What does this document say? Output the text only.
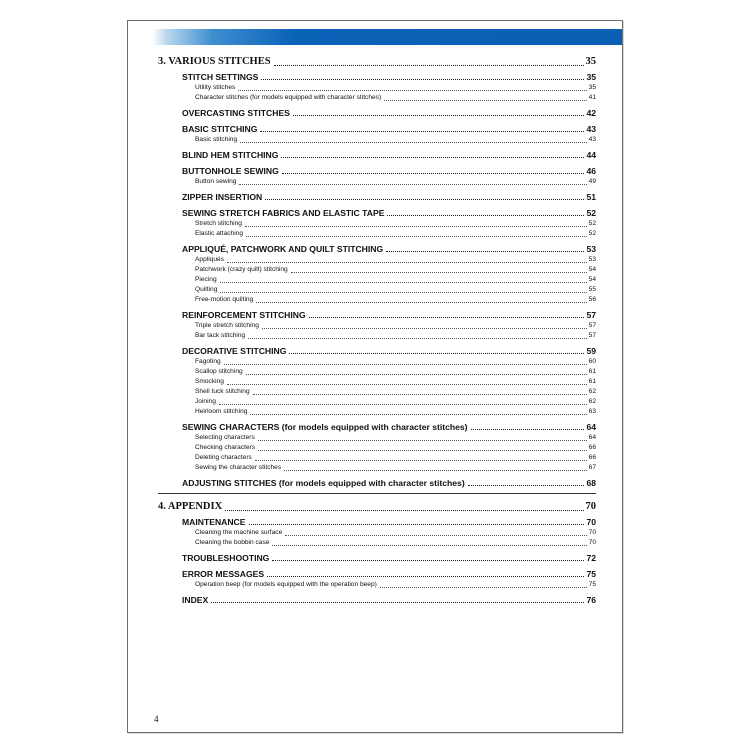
3. VARIOUS STITCHES	35
STITCH SETTINGS	35
Utility stitches	35
Character stitches (for models equipped with character stitches)	41
OVERCASTING STITCHES	42
BASIC STITCHING	43
Basic stitching	43
BLIND HEM STITCHING	44
BUTTONHOLE SEWING	46
Button sewing	49
ZIPPER INSERTION	51
SEWING STRETCH FABRICS AND ELASTIC TAPE	52
Stretch stitching	52
Elastic attaching	52
APPLIQUÉ, PATCHWORK AND QUILT STITCHING	53
Appliqués	53
Patchwork (crazy quilt) stitching	54
Piecing	54
Quilting	55
Free-motion quilting	56
REINFORCEMENT STITCHING	57
Triple stretch stitching	57
Bar tack stitching	57
DECORATIVE STITCHING	59
Fagoting	60
Scallop stitching	61
Smocking	61
Shell tuck stitching	62
Joining	62
Heirloom stitching	63
SEWING CHARACTERS (for models equipped with character stitches)	64
Selecting characters	64
Checking characters	66
Deleting characters	66
Sewing the character stitches	67
ADJUSTING STITCHES (for models equipped with character stitches)	68
4. APPENDIX	70
MAINTENANCE	70
Cleaning the machine surface	70
Cleaning the bobbin case	70
TROUBLESHOOTING	72
ERROR MESSAGES	75
Operation beep (for models equipped with the operation beep)	75
INDEX	76
4
